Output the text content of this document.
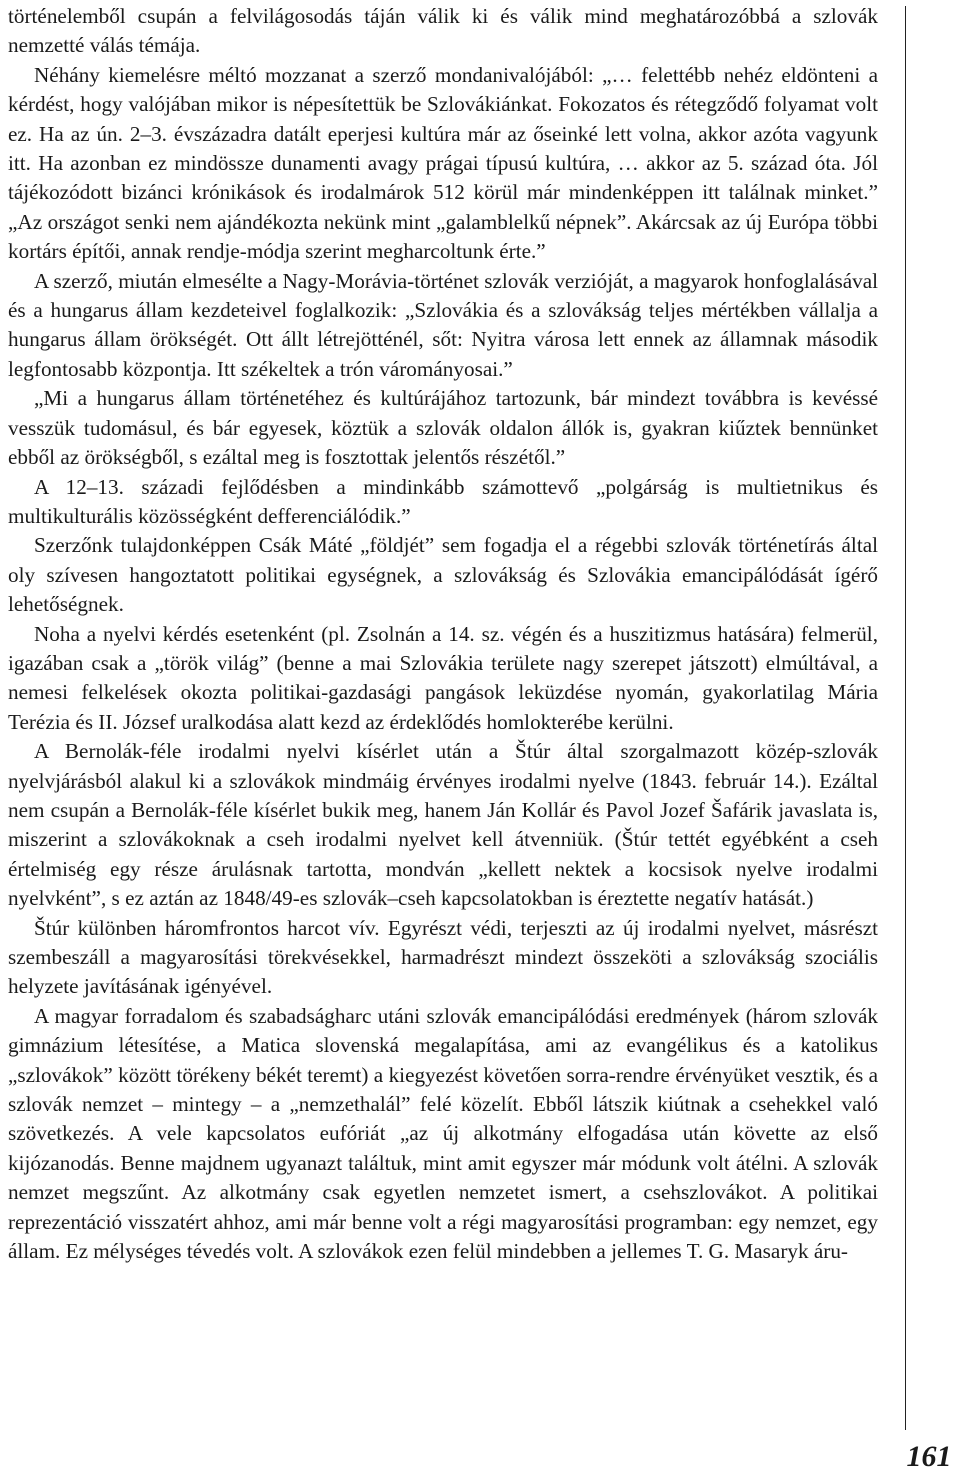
történelemből csupán a felvilágosodás táján válik ki és válik mind meghatározóbbá a szlovák nemzetté válás témája.

Néhány kiemelésre méltó mozzanat a szerző mondanivalójából: „… felettébb nehéz eldönteni a kérdést, hogy valójában mikor is népesítettük be Szlovákiánkat. Fokozatos és rétegződő folyamat volt ez. Ha az ún. 2–3. évszázadra datált eperjesi kultúra már az őseinké lett volna, akkor azóta vagyunk itt. Ha azonban ez mindössze dunamenti avagy prágai típusú kultúra, … akkor az 5. század óta. Jól tájékozódott bizánci krónikások és irodalmárok 512 körül már mindenképpen itt találnak minket.” „Az országot senki nem ajándékozta nekünk mint „galamblelkű népnek”. Akárcsak az új Európa többi kortárs építői, annak rendje-módja szerint megharcoltunk érte.”

A szerző, miután elmesélte a Nagy-Morávia-történet szlovák verzióját, a magyarok honfoglalásával és a hungarus állam kezdeteivel foglalkozik: „Szlovákia és a szlovákság teljes mértékben vállalja a hungarus állam örökségét. Ott állt létrejötténél, sőt: Nyitra városa lett ennek az államnak második legfontosabb központja. Itt székeltek a trón várományosai.”

„Mi a hungarus állam történetéhez és kultúrájához tartozunk, bár mindezt továbbra is kevéssé vesszük tudomásul, és bár egyesek, köztük a szlovák oldalon állók is, gyakran kiűztek bennünket ebből az örökségből, s ezáltal meg is fosztottak jelentős részétől.”

A 12–13. századi fejlődésben a mindinkább számottevő „polgárság is multietnikus és multikulturális közösségként defferenciálódik.”

Szerzőnk tulajdonképpen Csák Máté „földjét” sem fogadja el a régebbi szlovák történetírás által oly szívesen hangoztatott politikai egységnek, a szlovákság és Szlovákia emancipálódását ígérő lehetőségnek.

Noha a nyelvi kérdés esetenként (pl. Zsolnán a 14. sz. végén és a huszitizmus hatására) felmerül, igazában csak a „török világ” (benne a mai Szlovákia területe nagy szerepet játszott) elmúltával, a nemesi felkelések okozta politikai-gazdasági pangások leküzdése nyomán, gyakorlatilag Mária Terézia és II. József uralkodása alatt kezd az érdeklődés homlokterébe kerülni.

A Bernolák-féle irodalmi nyelvi kísérlet után a Štúr által szorgalmazott közép-szlovák nyelvjárásból alakul ki a szlovákok mindmáig érvényes irodalmi nyelve (1843. február 14.). Ezáltal nem csupán a Bernolák-féle kísérlet bukik meg, hanem Ján Kollár és Pavol Jozef Šafárik javaslata is, miszerint a szlovákoknak a cseh irodalmi nyelvet kell átvenniük. (Štúr tettét egyébként a cseh értelmiség egy része árulásnak tartotta, mondván „kellett nektek a kocsisok nyelve irodalmi nyelvként”, s ez aztán az 1848/49-es szlovák–cseh kapcsolatokban is éreztette negatív hatását.)

Štúr különben háromfrontos harcot vív. Egyrészt védi, terjeszti az új irodalmi nyelvet, másrészt szembeszáll a magyarosítási törekvésekkel, harmadrészt mindezt összeköti a szlovákság szociális helyzete javításának igényével.

A magyar forradalom és szabadságharc utáni szlovák emancipálódási eredmények (három szlovák gimnázium létesítése, a Matica slovenská megalapítása, ami az evangélikus és a katolikus „szlovákok” között törékeny békét teremt) a kiegyezést követően sorra-rendre érvényüket vesztik, és a szlovák nemzet – mintegy – a „nemzethalál” felé közelít. Ebből látszik kiútnak a csehekkel való szövetkezés. A vele kapcsolatos eufóriát „az új alkotmány elfogadása után követte az első kijózanodás. Benne majdnem ugyanazt találtuk, mint amit egyszer már módunk volt átélni. A szlovák nemzet megszűnt. Az alkotmány csak egyetlen nemzetet ismert, a csehszlovákot. A politikai reprezentáció visszatért ahhoz, ami már benne volt a régi magyarosítási programban: egy nemzet, egy állam. Ez mélységes tévedés volt. A szlovákok ezen felül mindebben a jellemes T. G. Masaryk áru-

161
